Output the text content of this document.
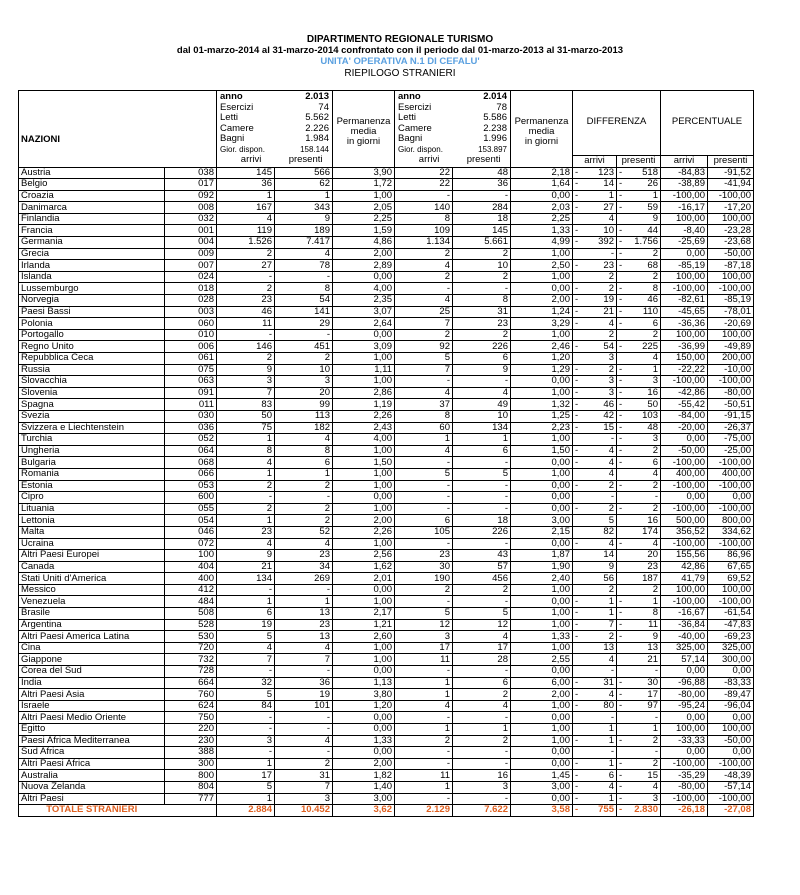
DIPARTIMENTO REGIONALE TURISMO
dal 01-marzo-2014 al 31-marzo-2014 confrontato con il periodo dal 01-marzo-2013 al 31-marzo-2013
UNITA' OPERATIVA N.1 DI CEFALU'
RIEPILOGO STRANIERI
NAZIONI	
anno	2.013
Esercizi	74
Letti	5.562
Camere	2.226
Bagni	1.984
Gior. dispon.	158.144
arrivi	presenti

Permanenza
media
in giorni

anno	2.014
Esercizi	78
Letti	5.586
Camere	2.238
Bagni	1.996
Gior. dispon.	153.897
arrivi	presenti

Permanenza
media
in giorni
	DIFFERENZA	PERCENTUALE

arrivi	presenti	arrivi	presenti
Austria	038	145	566	3,90	22	48	2,18	-	123	-	518	-84,83	-91,52
Belgio	017	36	62	1,72	22	36	1,64	-	14	-	26	-38,89	-41,94
Croazia	092	1	1	1,00	-	-	0,00	-	1	-	1	-100,00	-100,00
Danimarca	008	167	343	2,05	140	284	2,03	-	27	-	59	-16,17	-17,20
Finlandia	032	4	9	2,25	8	18	2,25		4		9	100,00	100,00
Francia	001	119	189	1,59	109	145	1,33	-	10	-	44	-8,40	-23,28
Germania	004	1.526	7.417	4,86	1.134	5.661	4,99	-	392	-	1.756	-25,69	-23,68
Grecia	009	2	4	2,00	2	2	1,00		-	-	2	0,00	-50,00
Irlanda	007	27	78	2,89	4	10	2,50	-	23	-	68	-85,19	-87,18
Islanda	024	-	-	0,00	2	2	1,00		2		2	100,00	100,00
Lussemburgo	018	2	8	4,00	-	-	0,00	-	2	-	8	-100,00	-100,00
Norvegia	028	23	54	2,35	4	8	2,00	-	19	-	46	-82,61	-85,19
Paesi Bassi	003	46	141	3,07	25	31	1,24	-	21	-	110	-45,65	-78,01
Polonia	060	11	29	2,64	7	23	3,29	-	4	-	6	-36,36	-20,69
Portogallo	010	-	-	0,00	2	2	1,00		2		2	100,00	100,00
Regno Unito	006	146	451	3,09	92	226	2,46	-	54	-	225	-36,99	-49,89
Repubblica Ceca	061	2	2	1,00	5	6	1,20		3		4	150,00	200,00
Russia	075	9	10	1,11	7	9	1,29	-	2	-	1	-22,22	-10,00
Slovacchia	063	3	3	1,00	-	-	0,00	-	3	-	3	-100,00	-100,00
Slovenia	091	7	20	2,86	4	4	1,00	-	3	-	16	-42,86	-80,00
Spagna	011	83	99	1,19	37	49	1,32	-	46	-	50	-55,42	-50,51
Svezia	030	50	113	2,26	8	10	1,25	-	42	-	103	-84,00	-91,15
Svizzera e Liechtenstein	036	75	182	2,43	60	134	2,23	-	15	-	48	-20,00	-26,37
Turchia	052	1	4	4,00	1	1	1,00		-	-	3	0,00	-75,00
Ungheria	064	8	8	1,00	4	6	1,50	-	4	-	2	-50,00	-25,00
Bulgaria	068	4	6	1,50	-	-	0,00	-	4	-	6	-100,00	-100,00
Romania	066	1	1	1,00	5	5	1,00		4		4	400,00	400,00
Estonia	053	2	2	1,00	-	-	0,00	-	2	-	2	-100,00	-100,00
Cipro	600	-	-	0,00	-	-	0,00		-		-	0,00	0,00
Lituania	055	2	2	1,00	-	-	0,00	-	2	-	2	-100,00	-100,00
Lettonia	054	1	2	2,00	6	18	3,00		5		16	500,00	800,00
Malta	046	23	52	2,26	105	226	2,15		82		174	356,52	334,62
Ucraina	072	4	4	1,00	-	-	0,00	-	4	-	4	-100,00	-100,00
Altri Paesi Europei	100	9	23	2,56	23	43	1,87		14		20	155,56	86,96
Canada	404	21	34	1,62	30	57	1,90		9		23	42,86	67,65
Stati Uniti d'America	400	134	269	2,01	190	456	2,40		56		187	41,79	69,52
Messico	412	-	-	0,00	2	2	1,00		2		2	100,00	100,00
Venezuela	484	1	1	1,00	-	-	0,00	-	1	-	1	-100,00	-100,00
Brasile	508	6	13	2,17	5	5	1,00	-	1	-	8	-16,67	-61,54
Argentina	528	19	23	1,21	12	12	1,00	-	7	-	11	-36,84	-47,83
Altri Paesi America Latina	530	5	13	2,60	3	4	1,33	-	2	-	9	-40,00	-69,23
Cina	720	4	4	1,00	17	17	1,00		13		13	325,00	325,00
Giappone	732	7	7	1,00	11	28	2,55		4		21	57,14	300,00
Corea del Sud	728	-	-	0,00	-	-	0,00		-		-	0,00	0,00
India	664	32	36	1,13	1	6	6,00	-	31	-	30	-96,88	-83,33
Altri Paesi Asia	760	5	19	3,80	1	2	2,00	-	4	-	17	-80,00	-89,47
Israele	624	84	101	1,20	4	4	1,00	-	80	-	97	-95,24	-96,04
Altri Paesi Medio Oriente	750	-	-	0,00	-	-	0,00		-		-	0,00	0,00
Egitto	220	-	-	0,00	1	1	1,00		1		1	100,00	100,00
Paesi Africa Mediterranea	230	3	4	1,33	2	2	1,00	-	1	-	2	-33,33	-50,00
Sud Africa	388	-	-	0,00	-	-	0,00		-		-	0,00	0,00
Altri Paesi Africa	300	1	2	2,00	-	-	0,00	-	1	-	2	-100,00	-100,00
Australia	800	17	31	1,82	11	16	1,45	-	6	-	15	-35,29	-48,39
Nuova Zelanda	804	5	7	1,40	1	3	3,00	-	4	-	4	-80,00	-57,14
Altri Paesi	777	1	3	3,00	-	-	0,00	-	1	-	3	-100,00	-100,00
TOTALE STRANIERI		2.884	10.452	3,62	2.129	7.622	3,58	-	755	-	2.830	-26,18	-27,08
